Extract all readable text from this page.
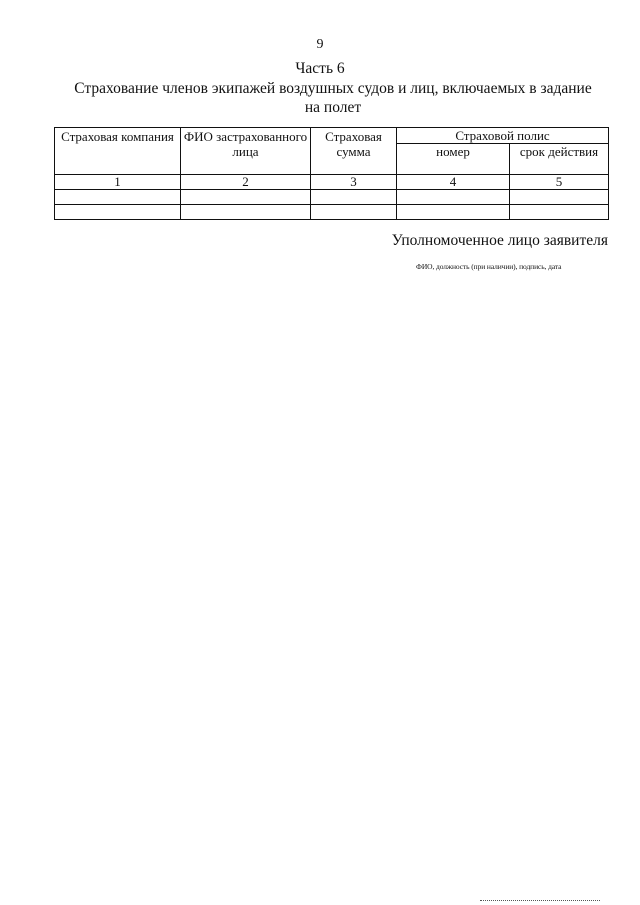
9
Часть 6
Страхование членов экипажей воздушных судов и лиц, включаемых в задание на полет
Страховая компания	ФИО застрахованного лица	Страховая сумма	Страховой полис	
			номер	срок действия
1	2	3	4	5

Уполномоченное лицо заявителя
ФИО, должность (при наличии), подпись, дата
